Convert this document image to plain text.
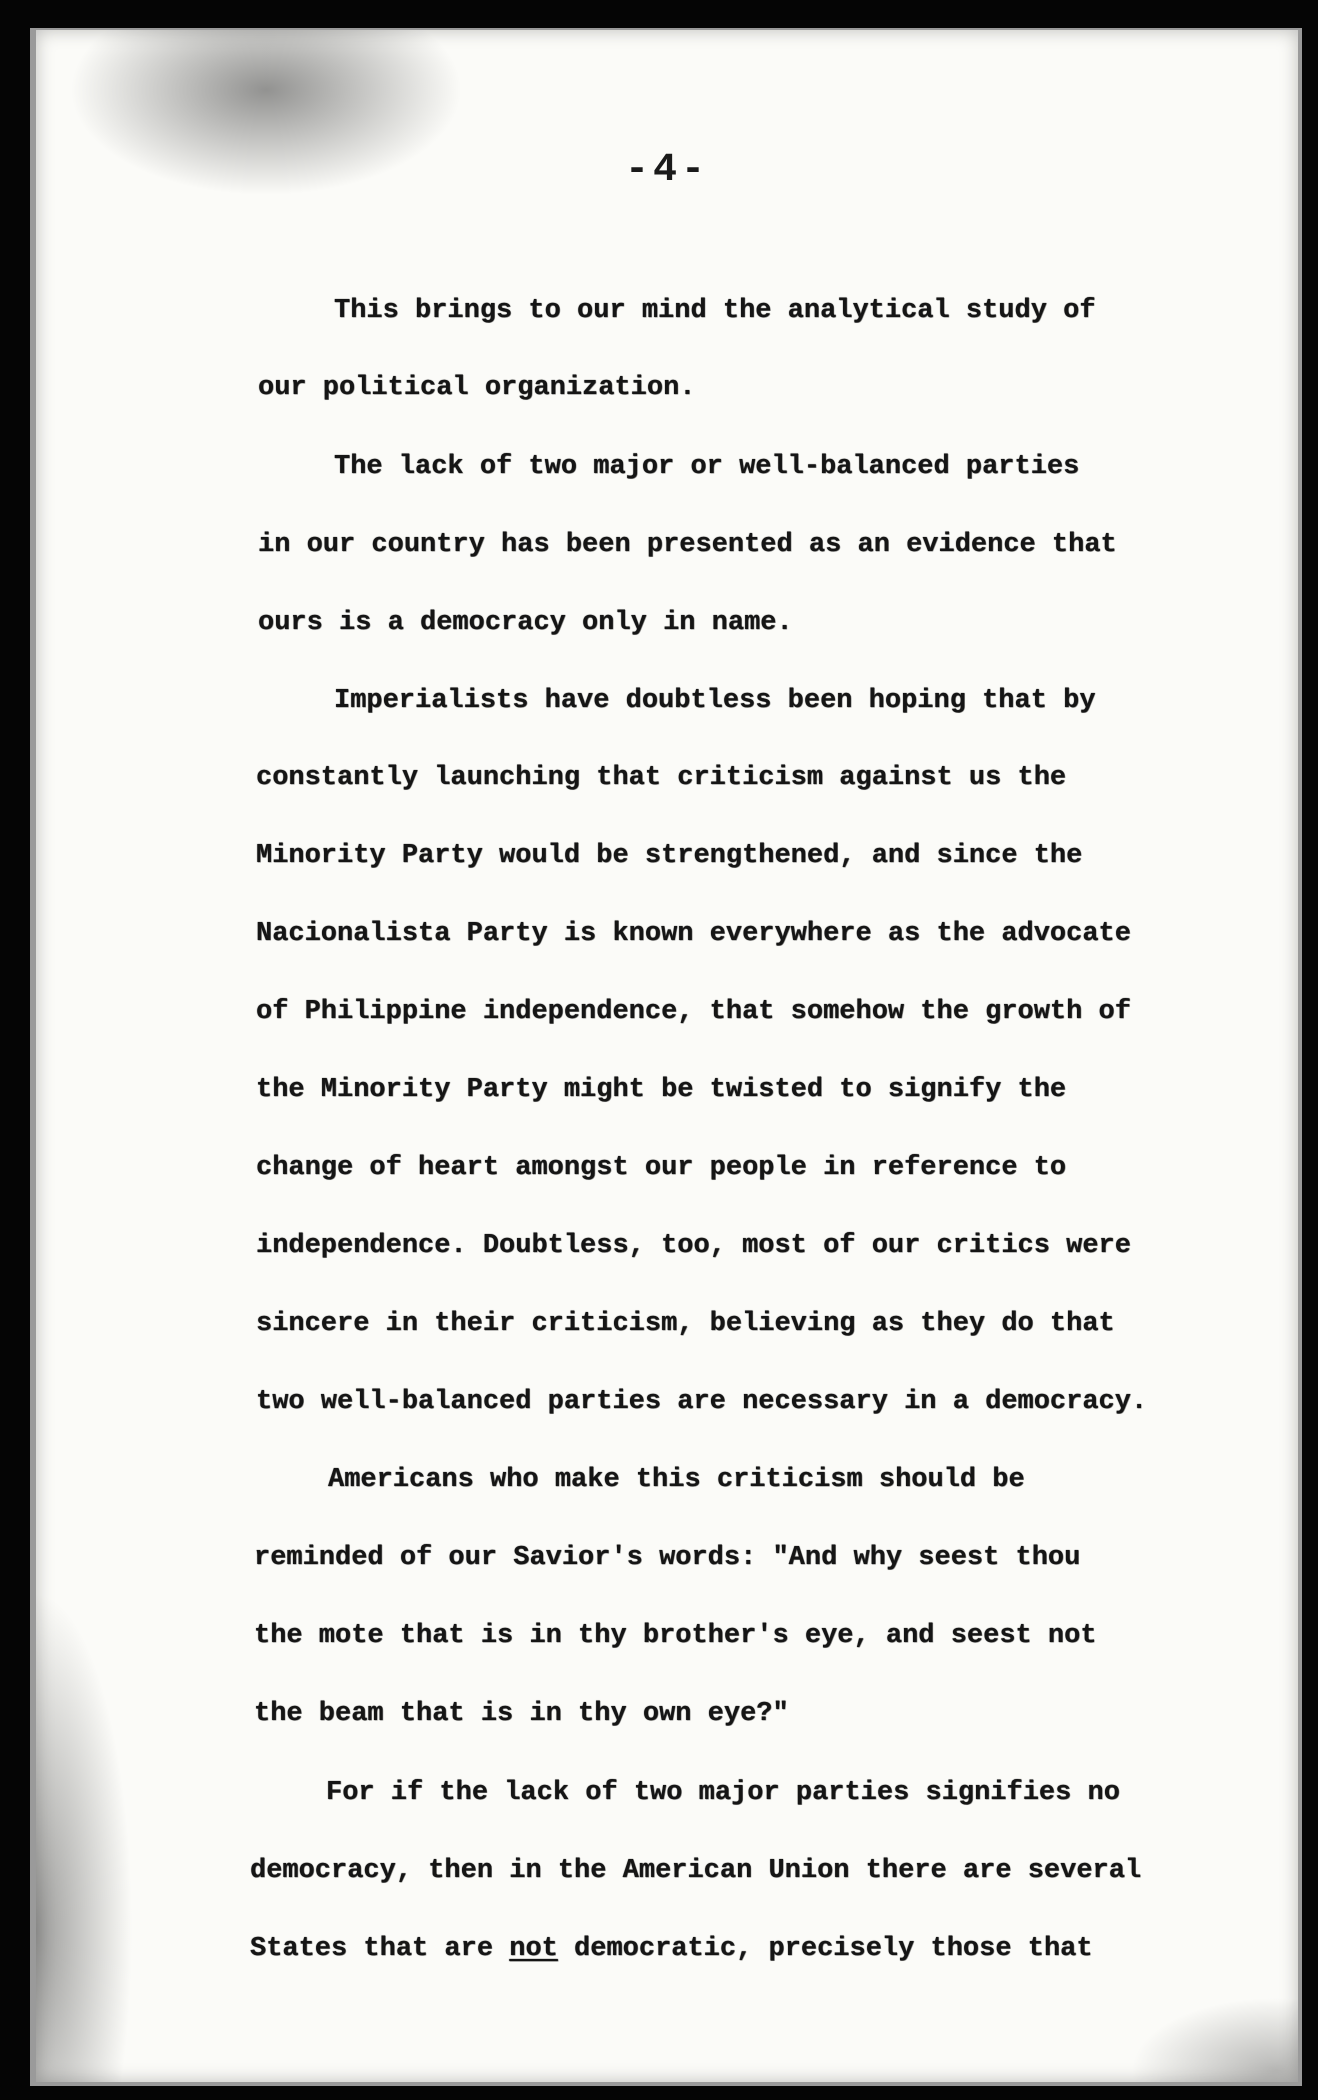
-4-
This brings to our mind the analytical study of
our political organization.
The lack of two major or well-balanced parties
in our country has been presented as an evidence that
ours is a democracy only in name.
Imperialists have doubtless been hoping that by
constantly launching that criticism against us the
Minority Party would be strengthened, and since the
Nacionalista Party is known everywhere as the advocate
of Philippine independence, that somehow the growth of
the Minority Party might be twisted to signify the
change of heart amongst our people in reference to
independence. Doubtless, too, most of our critics were
sincere in their criticism, believing as they do that
two well-balanced parties are necessary in a democracy.
Americans who make this criticism should be
reminded of our Savior's words: "And why seest thou
the mote that is in thy brother's eye, and seest not
the beam that is in thy own eye?"
For if the lack of two major parties signifies no
democracy, then in the American Union there are several
States that are not democratic, precisely those that
